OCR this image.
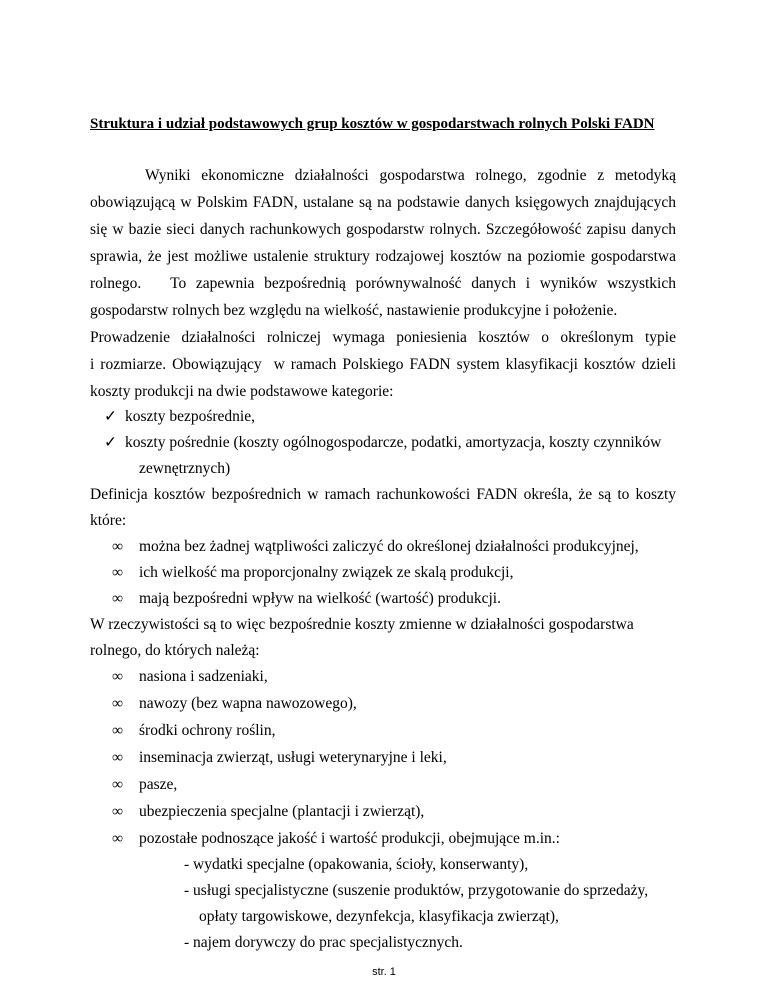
Struktura i udział podstawowych grup kosztów w gospodarstwach rolnych Polski FADN
Wyniki ekonomiczne działalności gospodarstwa rolnego, zgodnie z metodyką
obowiązującą w Polskim FADN, ustalane są na podstawie danych księgowych znajdujących
się w bazie sieci danych rachunkowych gospodarstw rolnych. Szczegółowość zapisu danych
sprawia, że jest możliwe ustalenie struktury rodzajowej kosztów na poziomie gospodarstwa
rolnego.   To zapewnia bezpośrednią porównywalność danych i wyników wszystkich
gospodarstw rolnych bez względu na wielkość, nastawienie produkcyjne i położenie.
Prowadzenie działalności rolniczej wymaga poniesienia kosztów o określonym typie
i rozmiarze. Obowiązujący  w ramach Polskiego FADN system klasyfikacji kosztów dzieli
koszty produkcji na dwie podstawowe kategorie:
✓ koszty bezpośrednie,
✓ koszty pośrednie (koszty ogólnogospodarcze, podatki, amortyzacja, koszty czynników
zewnętrznych)
Definicja kosztów bezpośrednich w ramach rachunkowości FADN określa, że są to koszty
które:
∞ można bez żadnej wątpliwości zaliczyć do określonej działalności produkcyjnej,
∞ ich wielkość ma proporcjonalny związek ze skalą produkcji,
∞ mają bezpośredni wpływ na wielkość (wartość) produkcji.
W rzeczywistości są to więc bezpośrednie koszty zmienne w działalności gospodarstwa
rolnego, do których należą:
∞ nasiona i sadzeniaki,
∞ nawozy (bez wapna nawozowego),
∞ środki ochrony roślin,
∞ inseminacja zwierząt, usługi weterynaryjne i leki,
∞ pasze,
∞ ubezpieczenia specjalne (plantacji i zwierząt),
∞ pozostałe podnoszące jakość i wartość produkcji, obejmujące m.in.:
- wydatki specjalne (opakowania, ścioły, konserwanty),
- usługi specjalistyczne (suszenie produktów, przygotowanie do sprzedaży,
opłaty targowiskowe, dezynfekcja, klasyfikacja zwierząt),
- najem dorywczy do prac specjalistycznych.
str. 1
